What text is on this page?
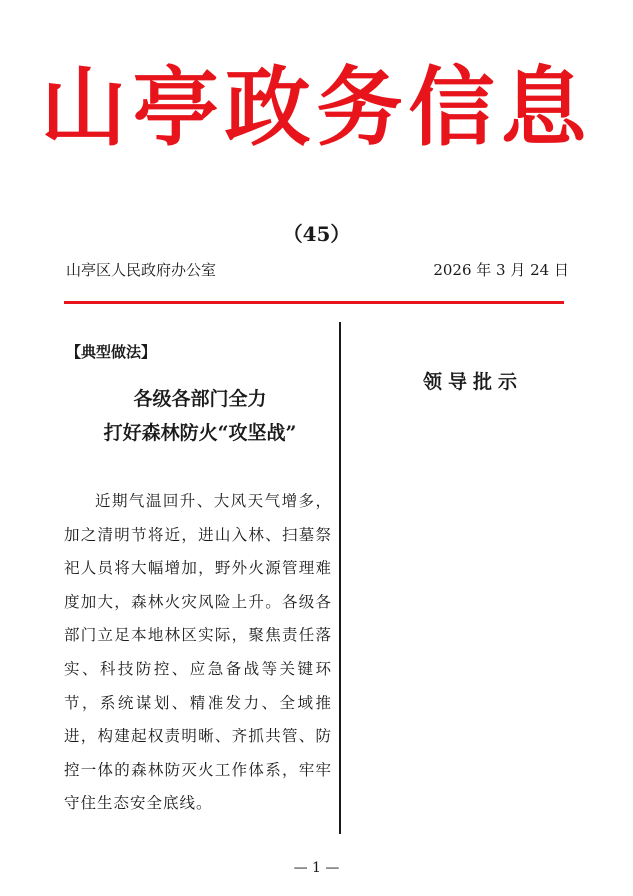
山亭政务信息
（45）
山亭区人民政府办公室	2026 年 3 月 24 日
【典型做法】
各级各部门全力
打好森林防火“攻坚战”
近期气温回升、大风天气增多，加之清明节将近，进山入林、扫墓祭祀人员将大幅增加，野外火源管理难度加大，森林火灾风险上升。各级各部门立足本地林区实际，聚焦责任落实、科技防控、应急备战等关键环节，系统谋划、精准发力、全域推进，构建起权责明晰、齐抓共管、防控一体的森林防灭火工作体系，牢牢守住生态安全底线。
领导批示
— 1 —
